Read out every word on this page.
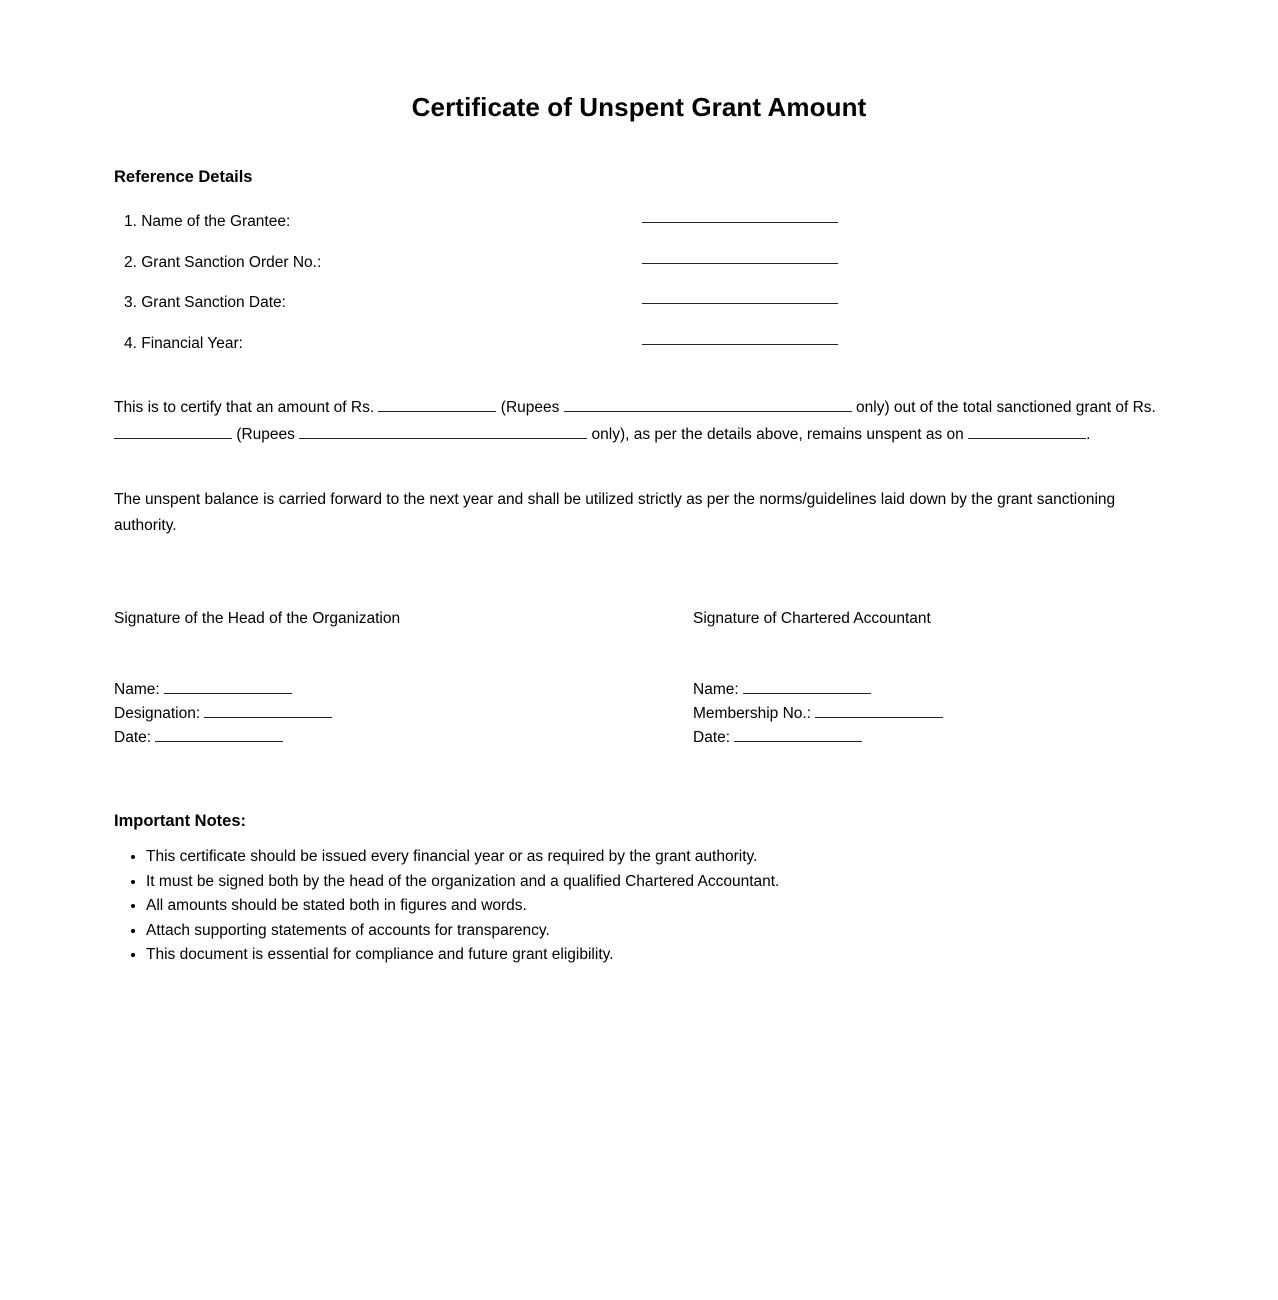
Certificate of Unspent Grant Amount
Reference Details
1. Name of the Grantee:
2. Grant Sanction Order No.:
3. Grant Sanction Date:
4. Financial Year:

This is to certify that an amount of Rs.	(Rupees	only) out of the total sanctioned grant of Rs.  (Rupees	only), as per the details above, remains unspent as on	.

The unspent balance is carried forward to the next year and shall be utilized strictly as per the norms/guidelines laid down by the grant sanctioning authority.

Signature of the Head of the Organization
Name:
Designation:
Date:
Signature of Chartered Accountant
Name:
Membership No.:
Date:
Important Notes:
• This certificate should be issued every financial year or as required by the grant authority.
• It must be signed both by the head of the organization and a qualified Chartered Accountant.
• All amounts should be stated both in figures and words.
• Attach supporting statements of accounts for transparency.
• This document is essential for compliance and future grant eligibility.
